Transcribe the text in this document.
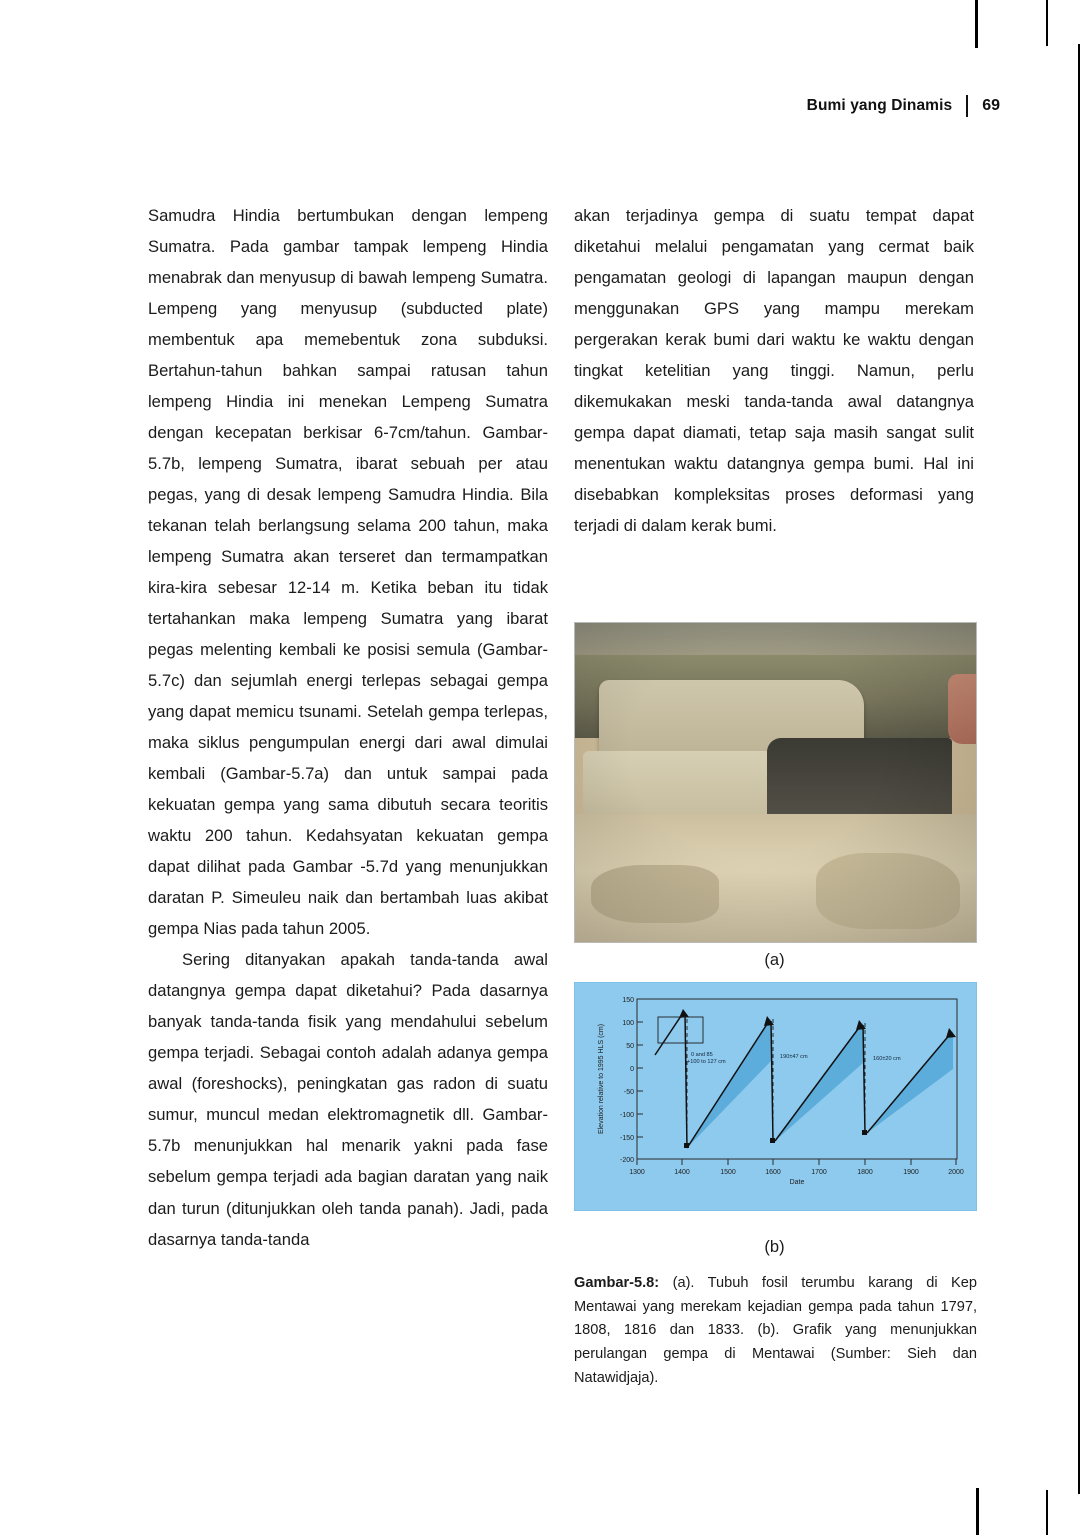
Bumi yang Dinamis 69

Samudra Hindia bertumbukan dengan lempeng Sumatra. Pada gambar tampak lempeng Hindia menabrak dan menyusup di bawah lempeng Sumatra. Lempeng yang menyusup (subducted plate) membentuk apa memebentuk zona subduksi. Bertahun-tahun bahkan sampai ratusan tahun lempeng Hindia ini menekan Lempeng Sumatra dengan kecepatan berkisar 6-7cm/tahun. Gambar-5.7b, lempeng Sumatra, ibarat sebuah per atau pegas, yang di desak lempeng Samudra Hindia. Bila tekanan telah berlangsung selama 200 tahun, maka lempeng Sumatra akan terseret dan termampatkan kira-kira sebesar 12-14 m. Ketika beban itu tidak tertahankan maka lempeng Sumatra yang ibarat pegas melenting kembali ke posisi semula (Gambar-5.7c) dan sejumlah energi terlepas sebagai gempa yang dapat memicu tsunami. Setelah gempa terlepas, maka siklus pengumpulan energi dari awal dimulai kembali (Gambar-5.7a) dan untuk sampai pada kekuatan gempa yang sama dibutuh secara teoritis waktu 200 tahun. Kedahsyatan kekuatan gempa dapat dilihat pada Gambar -5.7d yang menunjukkan daratan P. Simeuleu naik dan bertambah luas akibat gempa Nias pada tahun 2005.

Sering ditanyakan apakah tanda-tanda awal datangnya gempa dapat diketahui? Pada dasarnya banyak tanda-tanda fisik yang mendahului sebelum gempa terjadi. Sebagai contoh adalah adanya gempa awal (foreshocks), peningkatan gas radon di suatu sumur, muncul medan elektromagnetik dll. Gambar-5.7b menunjukkan hal menarik yakni pada fase sebelum gempa terjadi ada bagian daratan yang naik dan turun (ditunjukkan oleh tanda panah). Jadi, pada dasarnya tanda-tanda

akan terjadinya gempa di suatu tempat dapat diketahui melalui pengamatan yang cermat baik pengamatan geologi di lapangan maupun dengan menggunakan GPS yang mampu merekam pergerakan kerak bumi dari waktu ke waktu dengan tingkat ketelitian yang tinggi. Namun, perlu dikemukakan meski tanda-tanda awal datangnya gempa dapat diamati, tetap saja masih sangat sulit menentukan waktu datangnya gempa bumi. Hal ini disebabkan kompleksitas proses deformasi yang terjadi di dalam kerak bumi.

(a)
150
100
50
0
-50
-100
-150
-200
1300	1400	1500	1600	1700	1800	1900	2000
Date
Elevation relative to 1995 HLS (cm)	0 and 85
+100 to 127 cm
190±47 cm	160±20 cm
(b)
Gambar-5.8: (a). Tubuh fosil terumbu karang di Kep Mentawai yang merekam kejadian gempa pada tahun 1797, 1808, 1816 dan 1833. (b). Grafik yang menunjukkan perulangan gempa di Mentawai (Sumber: Sieh dan Natawidjaja).
